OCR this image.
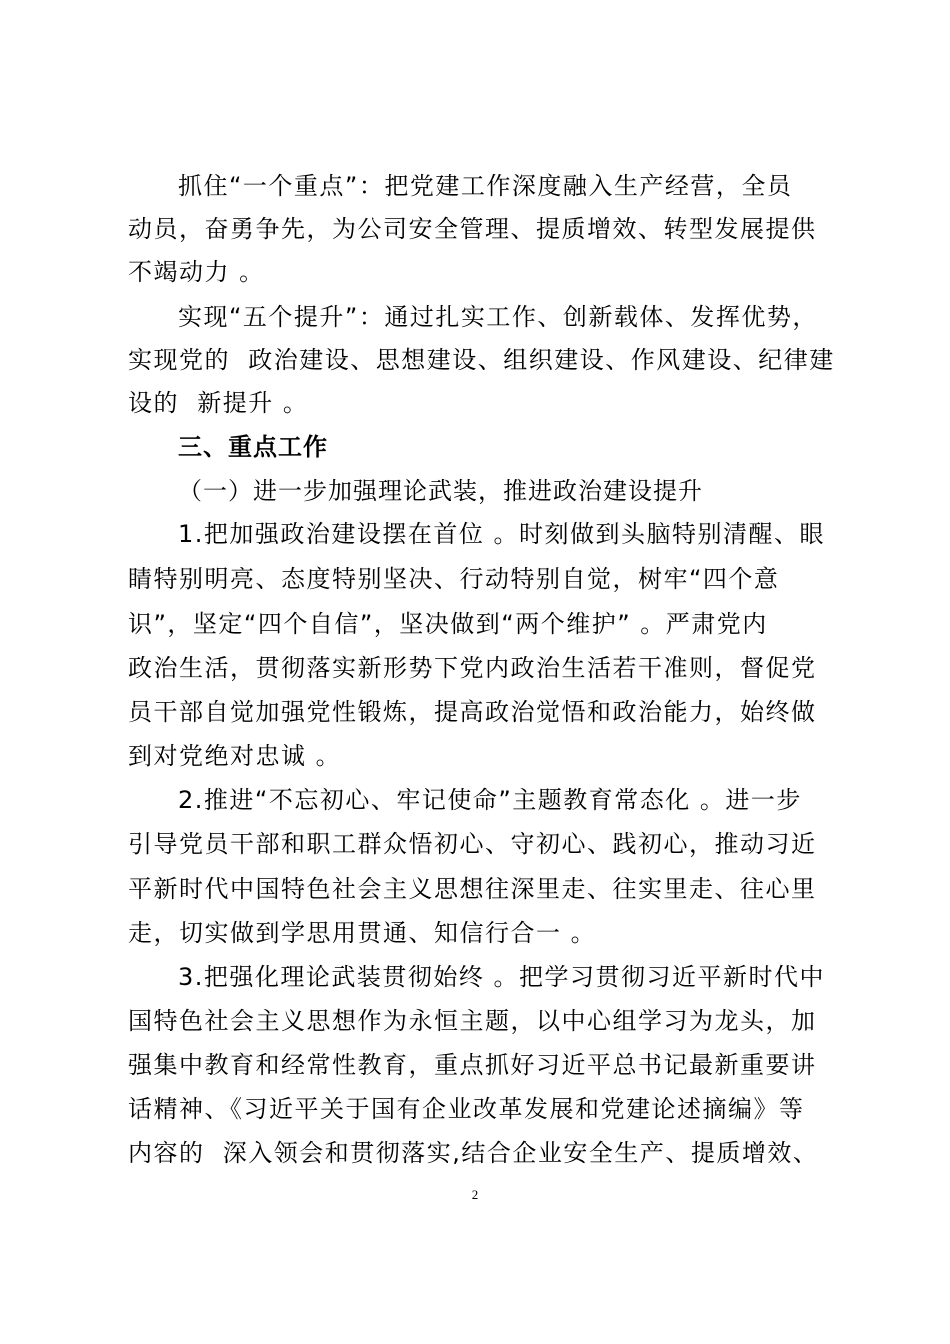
抓住“一个重点”：把党建工作深度融入生产经营，全员
动员，奋勇争先，为公司安全管理、提质增效、转型发展提供
不竭动力 。
实现“五个提升”：通过扎实工作、创新载体、发挥优势，
实现党的  政治建设、思想建设、组织建设、作风建设、纪律建
设的  新提升 。
三、重点工作
（一）进一步加强理论武装，推进政治建设提升
1.把加强政治建设摆在首位 。时刻做到头脑特别清醒、眼
睛特别明亮、态度特别坚决、行动特别自觉，树牢“四个意
识”，坚定“四个自信”，坚决做到“两个维护” 。严肃党内
政治生活，贯彻落实新形势下党内政治生活若干准则，督促党
员干部自觉加强党性锻炼，提高政治觉悟和政治能力，始终做
到对党绝对忠诚 。
2.推进“不忘初心、牢记使命”主题教育常态化 。进一步
引导党员干部和职工群众悟初心、守初心、践初心，推动习近
平新时代中国特色社会主义思想往深里走、往实里走、往心里
走，切实做到学思用贯通、知信行合一 。
3.把强化理论武装贯彻始终 。把学习贯彻习近平新时代中
国特色社会主义思想作为永恒主题，以中心组学习为龙头，加
强集中教育和经常性教育，重点抓好习近平总书记最新重要讲
话精神、《习近平关于国有企业改革发展和党建论述摘编》等
内容的  深入领会和贯彻落实,结合企业安全生产、提质增效、
2
